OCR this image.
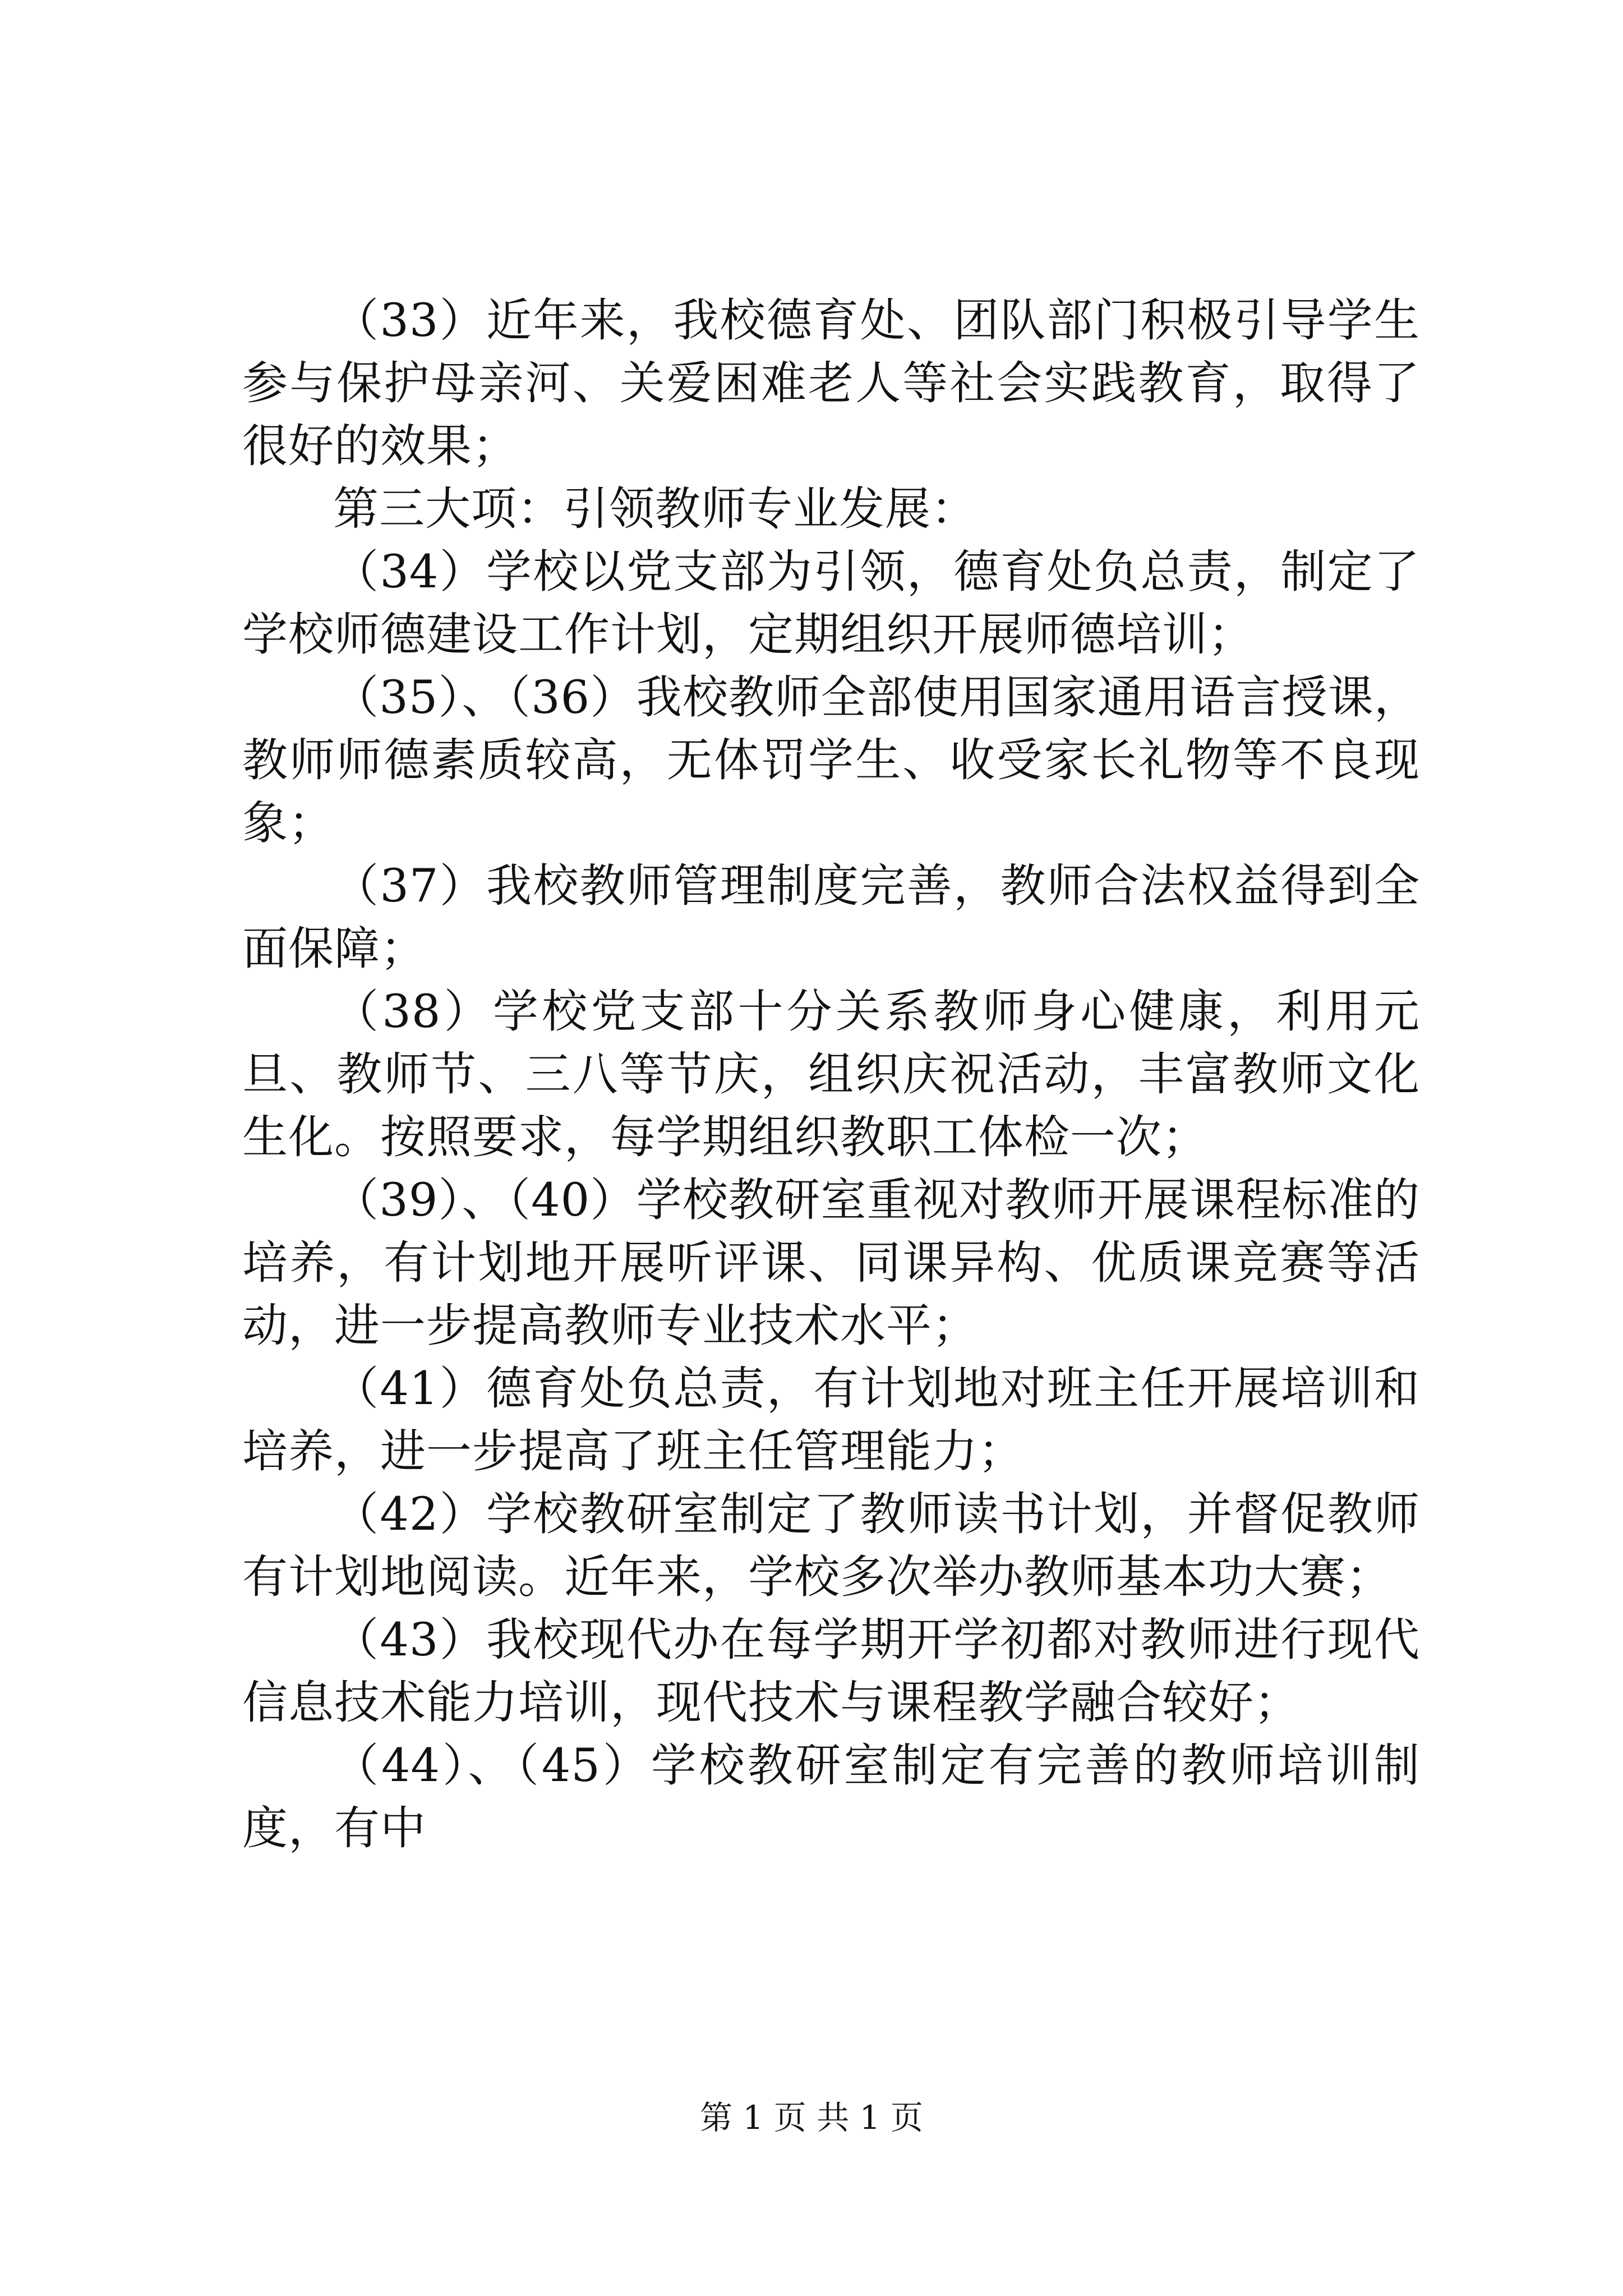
（33）近年来，我校德育处、团队部门积极引导学生参与保护母亲河、关爱困难老人等社会实践教育，取得了很好的效果；

第三大项：引领教师专业发展：

（34）学校以党支部为引领，德育处负总责，制定了学校师德建设工作计划，定期组织开展师德培训；

（35）、（36）我校教师全部使用国家通用语言授课，教师师德素质较高，无体罚学生、收受家长礼物等不良现象；

（37）我校教师管理制度完善，教师合法权益得到全面保障；

（38）学校党支部十分关系教师身心健康，利用元旦、教师节、三八等节庆，组织庆祝活动，丰富教师文化生化。按照要求，每学期组织教职工体检一次；

（39）、（40）学校教研室重视对教师开展课程标准的培养，有计划地开展听评课、同课异构、优质课竞赛等活动，进一步提高教师专业技术水平；

（41）德育处负总责，有计划地对班主任开展培训和培养，进一步提高了班主任管理能力；

（42）学校教研室制定了教师读书计划，并督促教师有计划地阅读。近年来，学校多次举办教师基本功大赛；

（43）我校现代办在每学期开学初都对教师进行现代信息技术能力培训，现代技术与课程教学融合较好；

（44）、（45）学校教研室制定有完善的教师培训制度，有中

第 1 页 共 1 页
